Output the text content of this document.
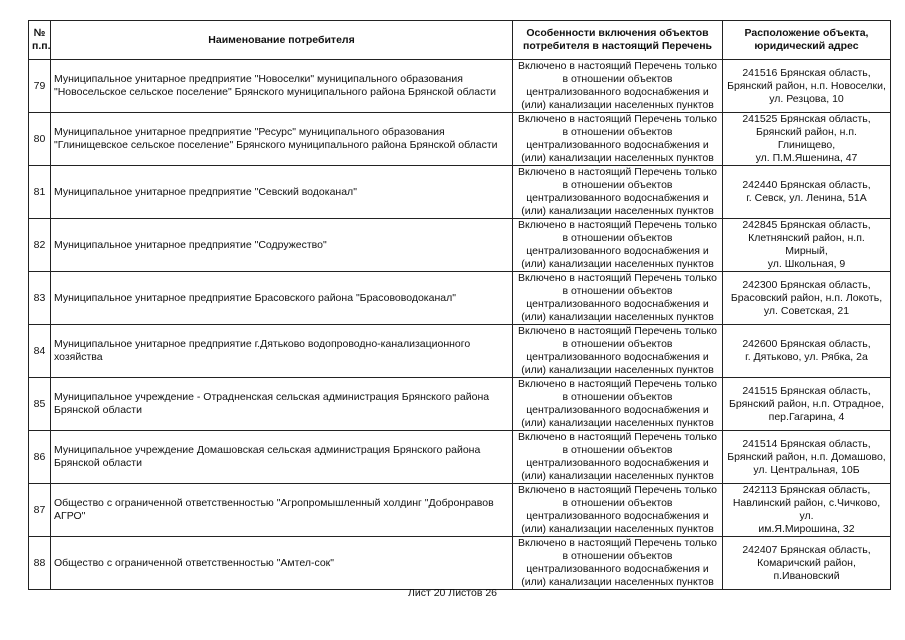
№ п.п.	Наименование потребителя	Особенности включения объектов потребителя в настоящий Перечень	Расположение объекта, юридический адрес
79	Муниципальное унитарное предприятие "Новоселки" муниципального образования "Новосельское сельское поселение" Брянского муниципального района Брянской области	Включено в настоящий Перечень только
в отношении объектов
централизованного водоснабжения и
(или) канализации населенных пунктов	241516 Брянская область,
Брянский район, н.п. Новоселки,
ул. Резцова, 10

80	Муниципальное унитарное предприятие "Ресурс" муниципального образования "Глинищевское сельское поселение" Брянского муниципального района Брянской области	Включено в настоящий Перечень только
в отношении объектов
централизованного водоснабжения и
(или) канализации населенных пунктов	241525 Брянская область,
Брянский район, н.п. Глинищево,
ул. П.М.Яшенина, 47

81	Муниципальное унитарное предприятие "Севский водоканал"	Включено в настоящий Перечень только
в отношении объектов
централизованного водоснабжения и
(или) канализации населенных пунктов	242440 Брянская область,
г. Севск, ул. Ленина, 51А

82	Муниципальное унитарное предприятие "Содружество"	Включено в настоящий Перечень только
в отношении объектов
централизованного водоснабжения и
(или) канализации населенных пунктов	242845 Брянская область,
Клетнянский район, н.п. Мирный,
ул. Школьная, 9

83	Муниципальное унитарное предприятие Брасовского района "Брасововодоканал"	Включено в настоящий Перечень только
в отношении объектов
централизованного водоснабжения и
(или) канализации населенных пунктов	242300 Брянская область,
Брасовский район, н.п. Локоть,
ул. Советская, 21

84	Муниципальное унитарное предприятие г.Дятьково водопроводно-канализационного хозяйства	Включено в настоящий Перечень только
в отношении объектов
централизованного водоснабжения и
(или) канализации населенных пунктов	242600 Брянская область,
г. Дятьково, ул. Рябка, 2а

85	Муниципальное учреждение - Отрадненская сельская администрация Брянского района Брянской области	Включено в настоящий Перечень только
в отношении объектов
централизованного водоснабжения и
(или) канализации населенных пунктов	241515 Брянская область,
Брянский район, н.п. Отрадное,
пер.Гагарина, 4

86	Муниципальное учреждение Домашовская сельская администрация Брянского района Брянской области	Включено в настоящий Перечень только
в отношении объектов
централизованного водоснабжения и
(или) канализации населенных пунктов	241514 Брянская область,
Брянский район, н.п. Домашово,
ул. Центральная, 10Б

87	Общество с ограниченной ответственностью "Агропромышленный холдинг "Добронравов АГРО"	Включено в настоящий Перечень только
в отношении объектов
централизованного водоснабжения и
(или) канализации населенных пунктов	242113 Брянская область,
Навлинский район, с.Чичково, ул.
им.Я.Мирошина, 32

88	Общество с ограниченной ответственностью "Амтел-сок"	Включено в настоящий Перечень только
в отношении объектов
централизованного водоснабжения и
(или) канализации населенных пунктов	242407 Брянская область,
Комаричский район,
п.Ивановский
Лист 20 Листов 26
